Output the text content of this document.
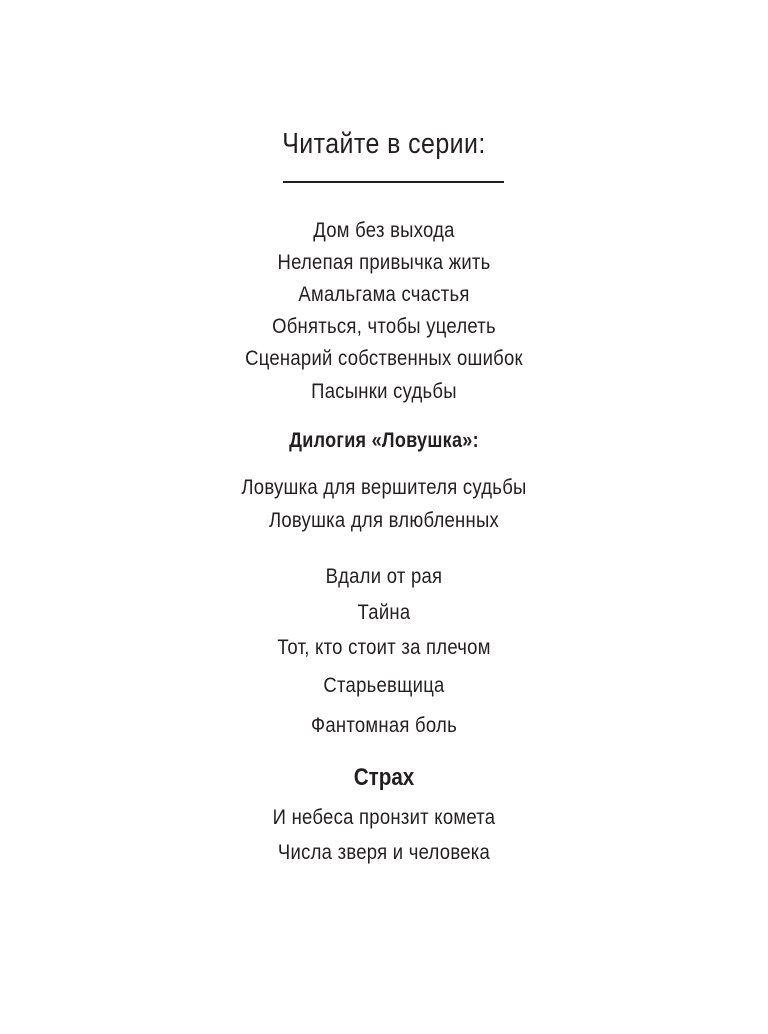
Читайте в серии:
Дом без выхода
Нелепая привычка жить
Амальгама счастья
Обняться, чтобы уцелеть
Сценарий собственных ошибок
Пасынки судьбы
Дилогия «Ловушка»:
Ловушка для вершителя судьбы
Ловушка для влюбленных
Вдали от рая
Тайна
Тот, кто стоит за плечом
Старьевщица
Фантомная боль
Страх
И небеса пронзит комета
Числа зверя и человека
